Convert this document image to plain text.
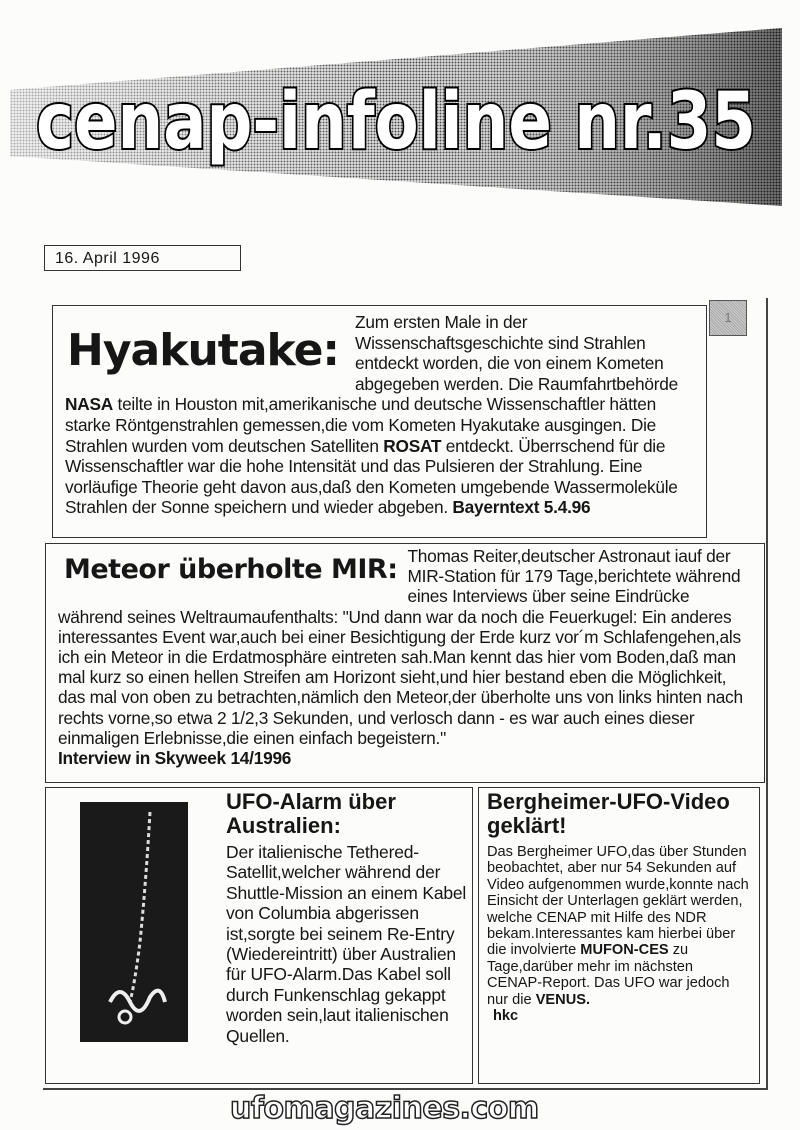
cenap-infoline nr.35
16. April 1996
Hyakutake:
Zum ersten Male in der Wissenschaftsgeschichte sind Strahlen entdeckt worden, die von einem Kometen abgegeben werden. Die Raumfahrtbehörde NASA teilte in Houston mit,amerikanische und deutsche Wissenschaftler hätten starke Röntgenstrahlen gemessen,die vom Kometen Hyakutake ausgingen. Die Strahlen wurden vom deutschen Satelliten ROSAT entdeckt. Überrschend für die Wissenschaftler war die hohe Intensität und das Pulsieren der Strahlung. Eine vorläufige Theorie geht davon aus,daß den Kometen umgebende Wassermoleküle Strahlen der Sonne speichern und wieder abgeben. Bayerntext 5.4.96
1
Meteor überholte MIR: Thomas Reiter,deutscher Astronaut iauf der MIR-Station für 179 Tage,berichtete während eines Interviews über seine Eindrücke während seines Weltraumaufenthalts: "Und dann war da noch die Feuerkugel: Ein anderes interessantes Event war,auch bei einer Besichtigung der Erde kurz vor´m Schlafengehen,als ich ein Meteor in die Erdatmosphäre eintreten sah.Man kennt das hier vom Boden,daß man mal kurz so einen hellen Streifen am Horizont sieht,und hier bestand eben die Möglichkeit, das mal von oben zu betrachten,nämlich den Meteor,der überholte uns von links hinten nach rechts vorne,so etwa 2 1/2,3 Sekunden, und verlosch dann - es war auch eines dieser einmaligen Erlebnisse,die einen einfach begeistern."
Interview in Skyweek 14/1996
UFO-Alarm über Australien:
Der italienische Tethered-Satellit,welcher während der Shuttle-Mission an einem Kabel von Columbia abgerissen ist,sorgte bei seinem Re-Entry (Wiedereintritt) über Australien für UFO-Alarm.Das Kabel soll durch Funkenschlag gekappt worden sein,laut italienischen Quellen.
Bergheimer-UFO-Video geklärt!
Das Bergheimer UFO,das über Stunden beobachtet, aber nur 54 Sekunden auf Video aufgenommen wurde,konnte nach Einsicht der Unterlagen geklärt werden, welche CENAP mit Hilfe des NDR bekam.Interessantes kam hierbei über die involvierte MUFON-CES zu Tage,darüber mehr im nächsten CENAP-Report. Das UFO war jedoch nur die VENUS.
hkc
ufomagazines.com
